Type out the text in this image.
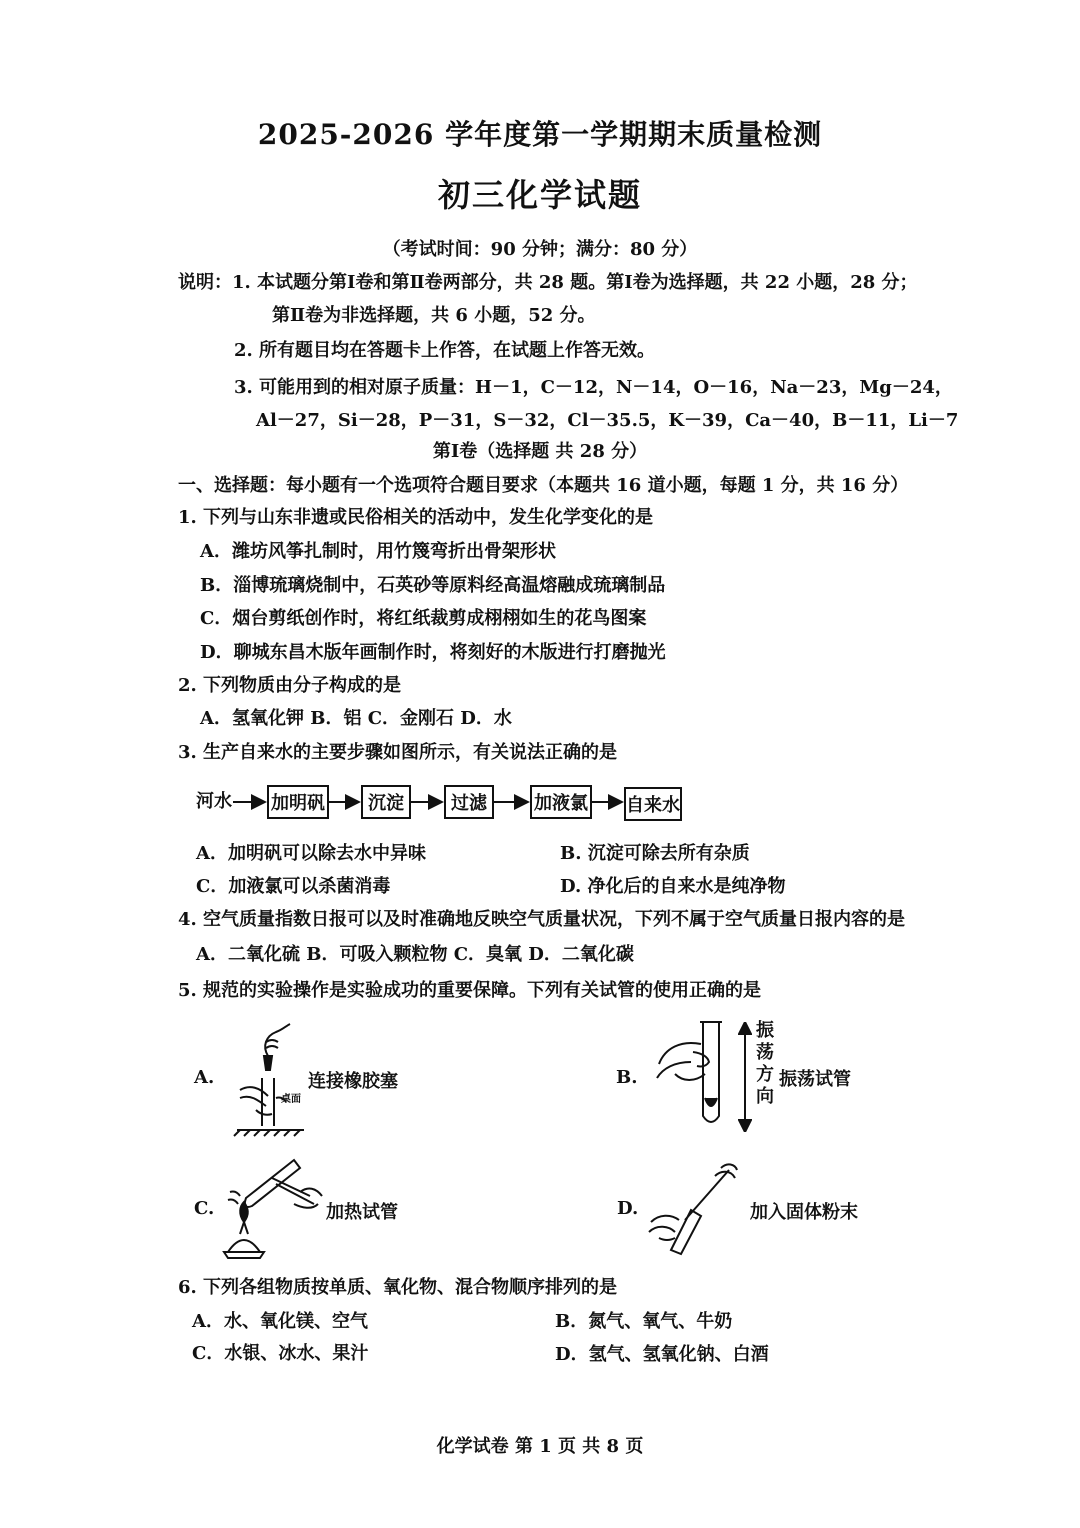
2025-2026 学年度第一学期期末质量检测
初三化学试题
（考试时间：90 分钟；满分：80 分）
说明：1. 本试题分第Ⅰ卷和第Ⅱ卷两部分，共 28 题。第Ⅰ卷为选择题，共 22 小题，28 分；
第Ⅱ卷为非选择题，共 6 小题，52 分。
2. 所有题目均在答题卡上作答，在试题上作答无效。
3. 可能用到的相对原子质量：H－1，C－12，N－14，O－16，Na－23，Mg－24，
Al－27，Si－28，P－31，S－32，Cl－35.5，K－39，Ca－40，B－11，Li－7
第Ⅰ卷（选择题 共 28 分）
一、选择题：每小题有一个选项符合题目要求（本题共 16 道小题，每题 1 分，共 16 分）
1. 下列与山东非遗或民俗相关的活动中，发生化学变化的是
A．潍坊风筝扎制时，用竹篾弯折出骨架形状
B．淄博琉璃烧制中，石英砂等原料经高温熔融成琉璃制品
C．烟台剪纸创作时，将红纸裁剪成栩栩如生的花鸟图案
D．聊城东昌木版年画制作时，将刻好的木版进行打磨抛光
2. 下列物质由分子构成的是
A．氢氧化钾 B．铝 C．金刚石 D．水
3. 生产自来水的主要步骤如图所示，有关说法正确的是
河水 加明矾	沉淀	过滤	加液氯 自来水
A．加明矾可以除去水中异味	B. 沉淀可除去所有杂质
C．加液氯可以杀菌消毒	D. 净化后的自来水是纯净物
4. 空气质量指数日报可以及时准确地反映空气质量状况，下列不属于空气质量日报内容的是
A．二氧化硫 B．可吸入颗粒物 C．臭氧 D．二氧化碳
5. 规范的实验操作是实验成功的重要保障。下列有关试管的使用正确的是
A.
桌面
连接橡胶塞	B.
振
荡
方
向
振荡试管
C.	加热试管	D.	加入固体粉末
6. 下列各组物质按单质、氧化物、混合物顺序排列的是
A．水、氧化镁、空气	B．氮气、氧气、牛奶
C．水银、冰水、果汁	D．氢气、氢氧化钠、白酒
化学试卷 第 1 页 共 8 页
